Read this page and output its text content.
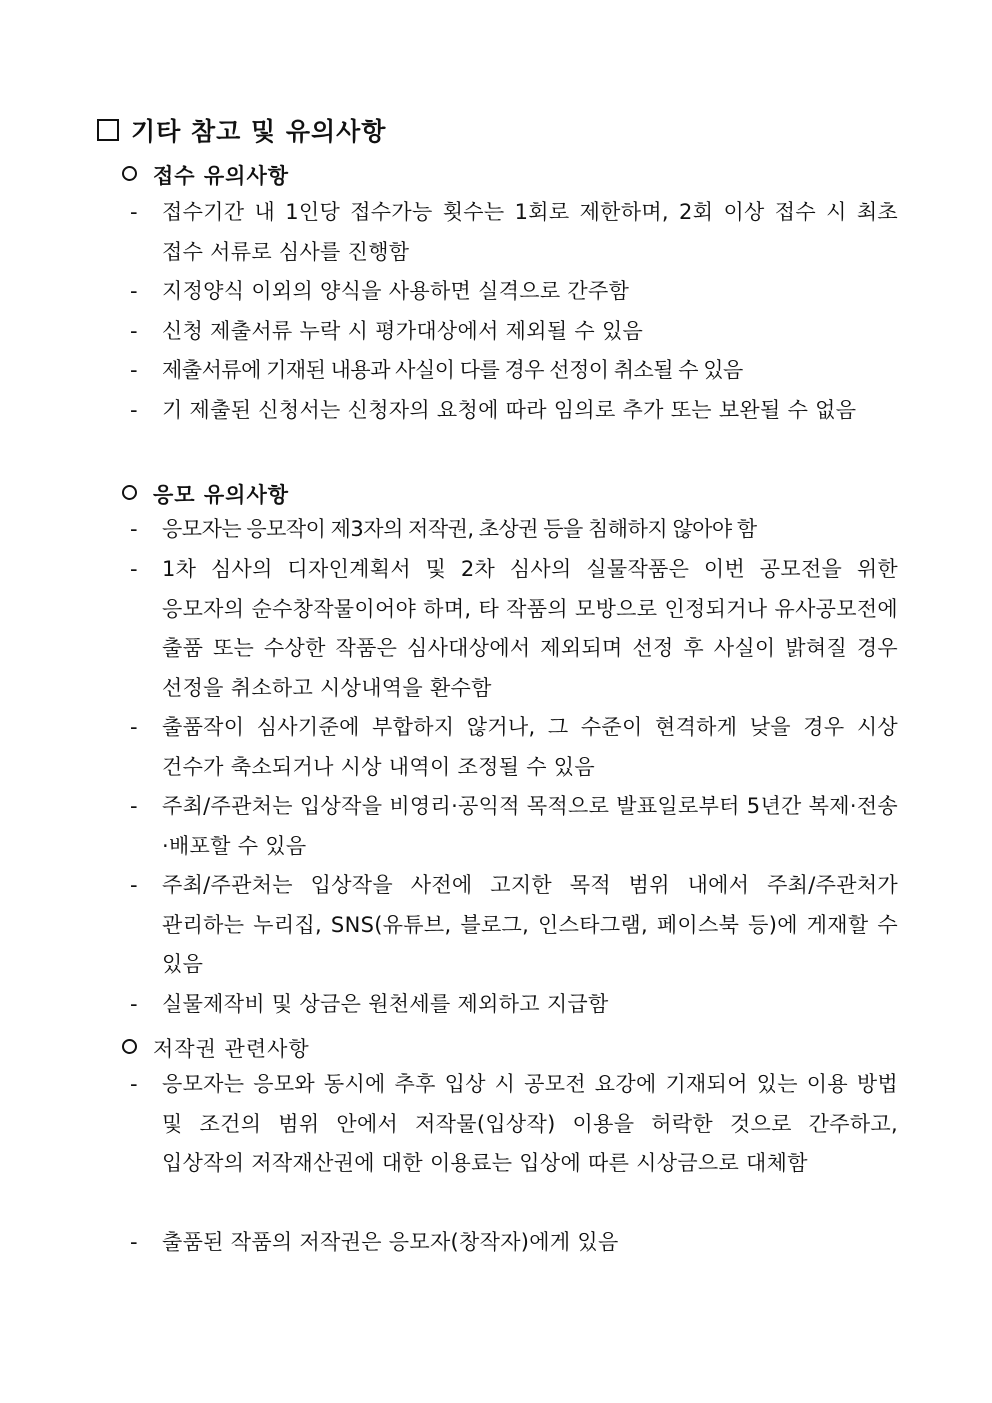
기타 참고 및 유의사항
접수 유의사항
- 접수기간 내 1인당 접수가능 횟수는 1회로 제한하며, 2회 이상 접수 시 최초 접수 서류로 심사를 진행함
- 지정양식 이외의 양식을 사용하면 실격으로 간주함
- 신청 제출서류 누락 시 평가대상에서 제외될 수 있음
- 제출서류에 기재된 내용과 사실이 다를 경우 선정이 취소될 수 있음
- 기 제출된 신청서는 신청자의 요청에 따라 임의로 추가 또는 보완될 수 없음
응모 유의사항
- 응모자는 응모작이 제3자의 저작권, 초상권 등을 침해하지 않아야 함
- 1차 심사의 디자인계획서 및 2차 심사의 실물작품은 이번 공모전을 위한 응모자의 순수창작물이어야 하며, 타 작품의 모방으로 인정되거나 유사공모전에 출품 또는 수상한 작품은 심사대상에서 제외되며 선정 후 사실이 밝혀질 경우 선정을 취소하고 시상내역을 환수함
- 출품작이 심사기준에 부합하지 않거나, 그 수준이 현격하게 낮을 경우 시상 건수가 축소되거나 시상 내역이 조정될 수 있음
- 주최/주관처는 입상작을 비영리·공익적 목적으로 발표일로부터 5년간 복제·전송·배포할 수 있음
- 주최/주관처는 입상작을 사전에 고지한 목적 범위 내에서 주최/주관처가 관리하는 누리집, SNS(유튜브, 블로그, 인스타그램, 페이스북 등)에 게재할 수 있음
- 실물제작비 및 상금은 원천세를 제외하고 지급함
저작권 관련사항
- 응모자는 응모와 동시에 추후 입상 시 공모전 요강에 기재되어 있는 이용 방법 및 조건의 범위 안에서 저작물(입상작) 이용을 허락한 것으로 간주하고, 입상작의 저작재산권에 대한 이용료는 입상에 따른 시상금으로 대체함
- 출품된 작품의 저작권은 응모자(창작자)에게 있음
